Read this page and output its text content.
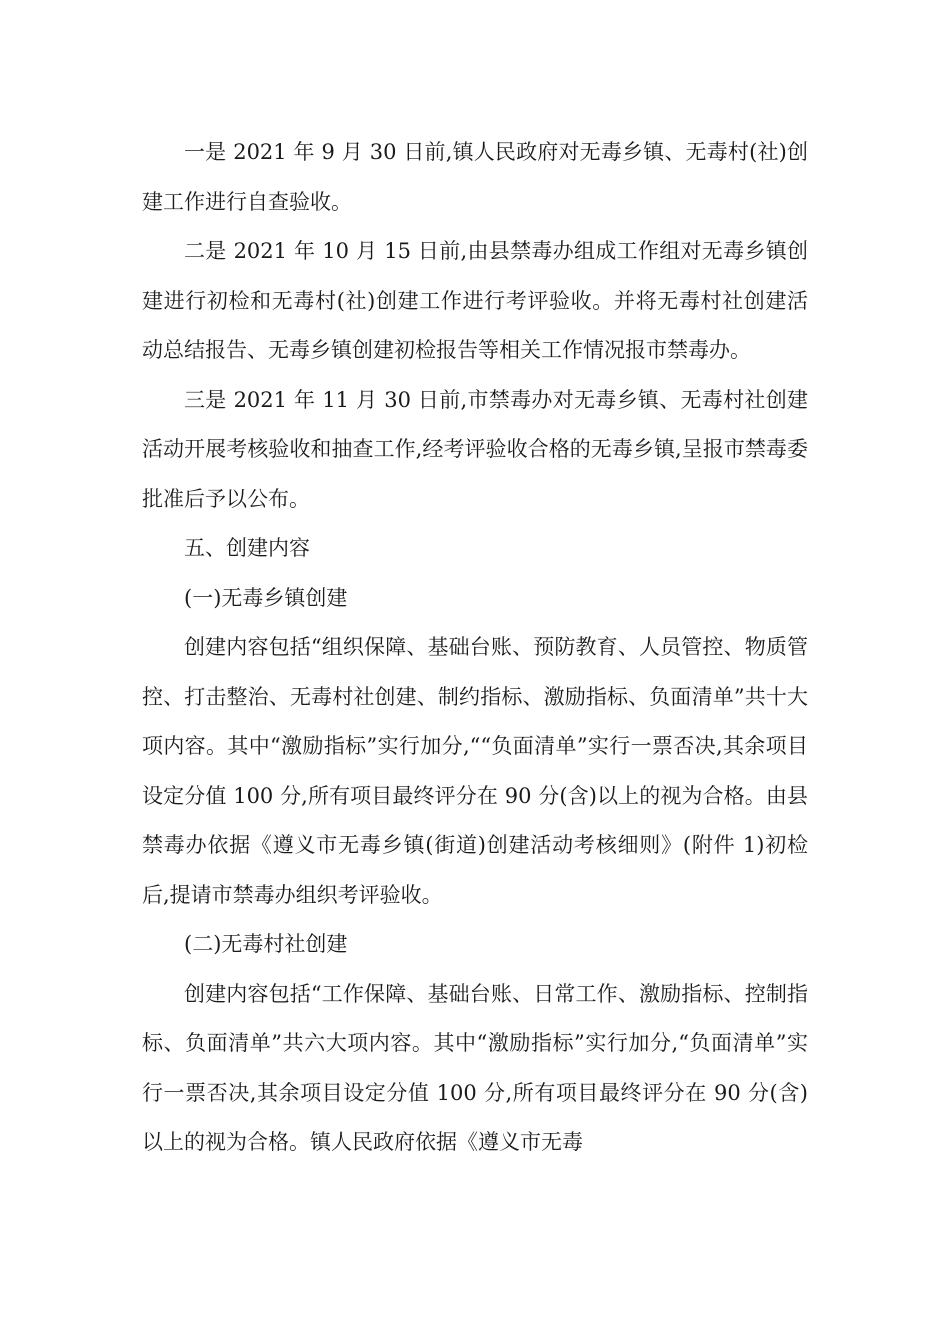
一是 2021 年 9 月 30 日前,镇人民政府对无毒乡镇、无毒村(社)创建工作进行自查验收。

二是 2021 年 10 月 15 日前,由县禁毒办组成工作组对无毒乡镇创建进行初检和无毒村(社)创建工作进行考评验收。并将无毒村社创建活动总结报告、无毒乡镇创建初检报告等相关工作情况报市禁毒办。

三是 2021 年 11 月 30 日前,市禁毒办对无毒乡镇、无毒村社创建活动开展考核验收和抽查工作,经考评验收合格的无毒乡镇,呈报市禁毒委批准后予以公布。

五、创建内容

(一)无毒乡镇创建

创建内容包括“组织保障、基础台账、预防教育、人员管控、物质管控、打击整治、无毒村社创建、制约指标、激励指标、负面清单”共十大项内容。其中“激励指标”实行加分,““负面清单”实行一票否决,其余项目设定分值 100 分,所有项目最终评分在 90 分(含)以上的视为合格。由县禁毒办依据《遵义市无毒乡镇(街道)创建活动考核细则》(附件 1)初检后,提请市禁毒办组织考评验收。

(二)无毒村社创建

创建内容包括“工作保障、基础台账、日常工作、激励指标、控制指标、负面清单”共六大项内容。其中“激励指标”实行加分,“负面清单”实行一票否决,其余项目设定分值 100 分,所有项目最终评分在 90 分(含)以上的视为合格。镇人民政府依据《遵义市无毒
